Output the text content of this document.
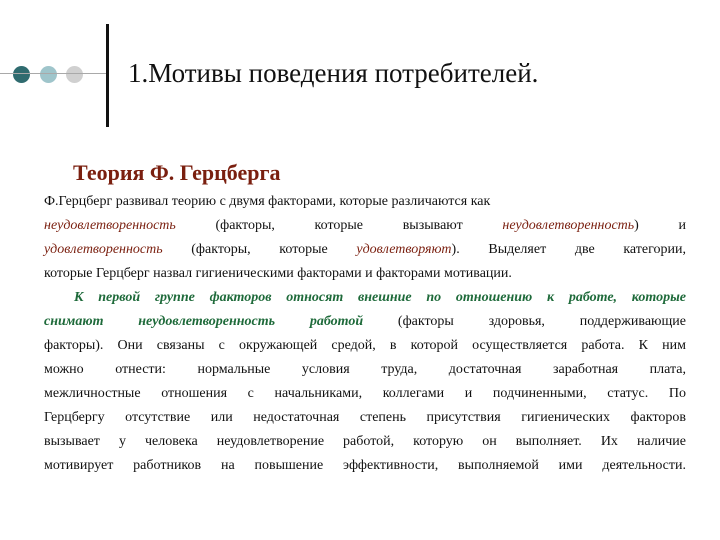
1.Мотивы поведения потребителей.
Теория Ф. Герцберга
Ф.Герцберг развивал теорию с двумя факторами, которые различаются как
неудовлетворенность	(факторы, которые вызывают	неудовлетворенность) и
удовлетворенность (факторы, которые удовлетворяют). Выделяет две категории,
которые Герцберг назвал гигиеническими факторами и факторами мотивации.
К первой группе факторов относят внешние по отношению к работе, которые
снимают неудовлетворенность работой (факторы здоровья, поддерживающие
факторы). Они связаны с окружающей средой, в которой осуществляется работа. К ним
можно отнести: нормальные условия труда, достаточная заработная плата,
межличностные отношения с начальниками, коллегами и подчиненными, статус. По
Герцбергу отсутствие или недостаточная степень присутствия гигиенических факторов
вызывает у человека неудовлетворение работой, которую он выполняет. Их наличие
мотивирует работников на повышение эффективности, выполняемой ими деятельности.
